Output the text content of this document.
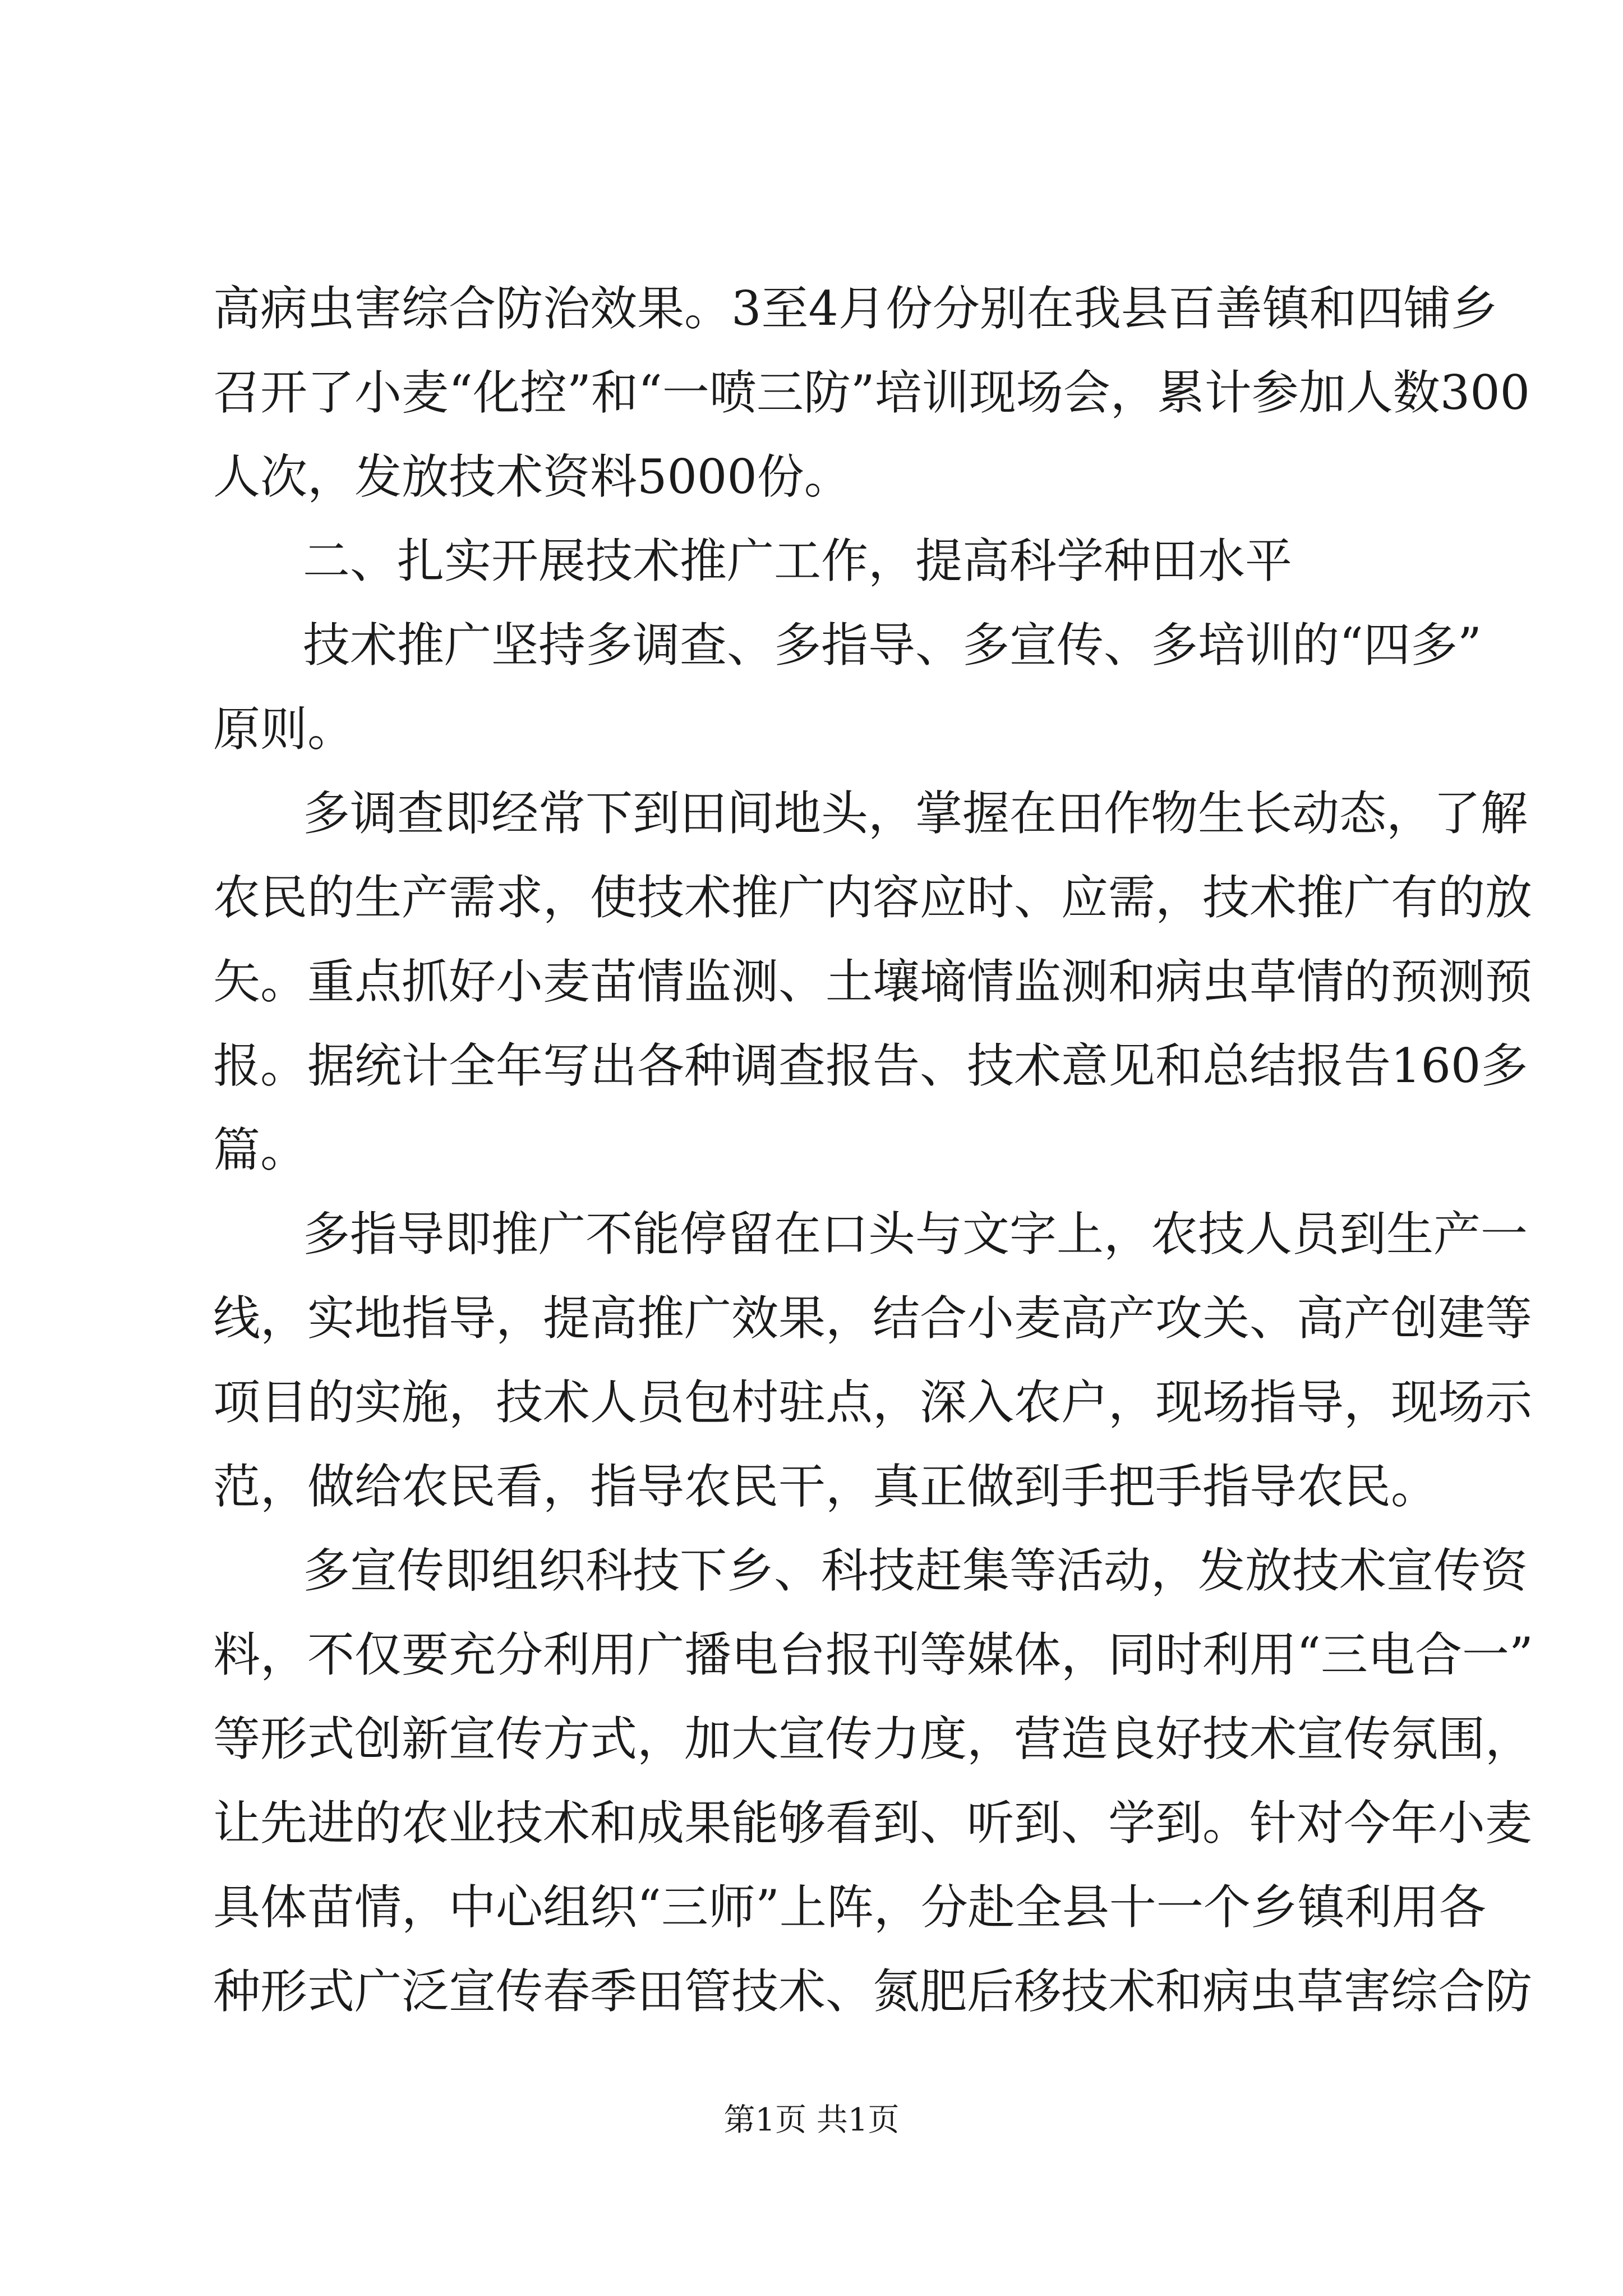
高病虫害综合防治效果。3至4月份分别在我县百善镇和四铺乡
召开了小麦“化控”和“一喷三防”培训现场会，累计参加人数300
人次，发放技术资料5000份。
二、扎实开展技术推广工作，提高科学种田水平
技术推广坚持多调查、多指导、多宣传、多培训的“四多”
原则。
多调查即经常下到田间地头，掌握在田作物生长动态，了解
农民的生产需求，使技术推广内容应时、应需，技术推广有的放
矢。重点抓好小麦苗情监测、土壤墒情监测和病虫草情的预测预
报。据统计全年写出各种调查报告、技术意见和总结报告160多
篇。
多指导即推广不能停留在口头与文字上，农技人员到生产一
线，实地指导，提高推广效果，结合小麦高产攻关、高产创建等
项目的实施，技术人员包村驻点，深入农户，现场指导，现场示
范，做给农民看，指导农民干，真正做到手把手指导农民。
多宣传即组织科技下乡、科技赶集等活动，发放技术宣传资
料，不仅要充分利用广播电台报刊等媒体，同时利用“三电合一”
等形式创新宣传方式，加大宣传力度，营造良好技术宣传氛围，
让先进的农业技术和成果能够看到、听到、学到。针对今年小麦
具体苗情，中心组织“三师”上阵，分赴全县十一个乡镇利用各
种形式广泛宣传春季田管技术、氮肥后移技术和病虫草害综合防
第1页 共1页
